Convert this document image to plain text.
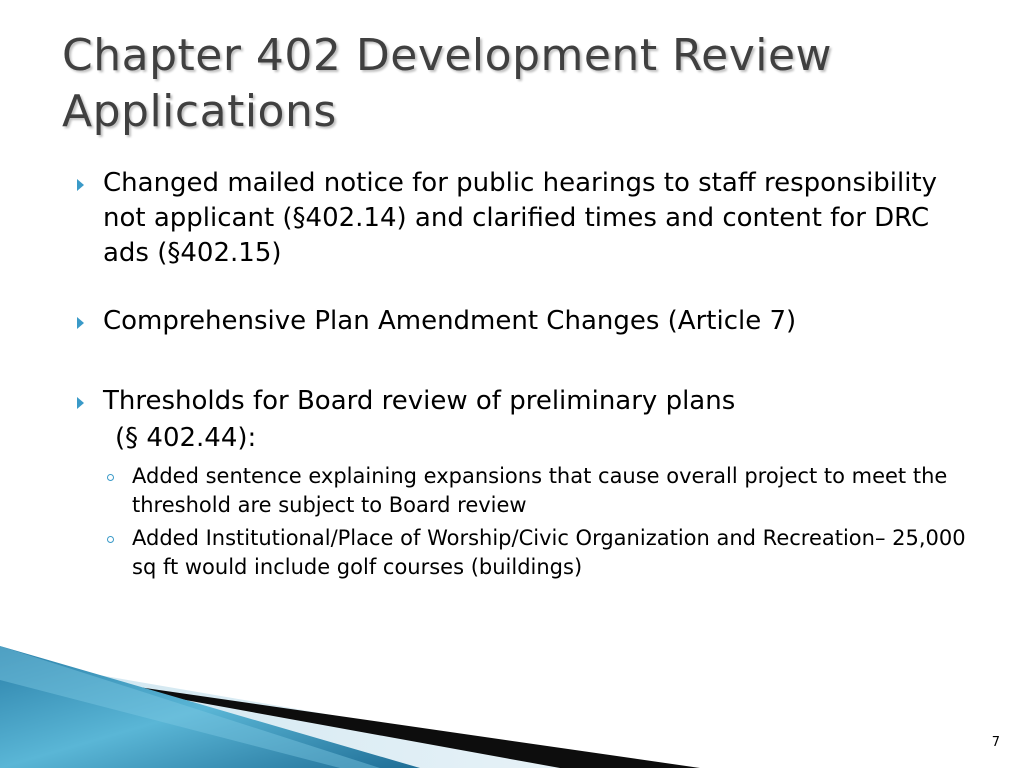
Chapter 402 Development Review Applications
Changed mailed notice for public hearings to staff responsibility not applicant (§402.14) and clarified times and content for DRC ads (§402.15)
Comprehensive Plan Amendment Changes (Article 7)
Thresholds for Board review of preliminary plans
(§ 402.44):
Added sentence explaining expansions that cause overall project to meet the threshold are subject to Board review
Added Institutional/Place of Worship/Civic Organization and Recreation– 25,000 sq ft would include golf courses (buildings)
7
